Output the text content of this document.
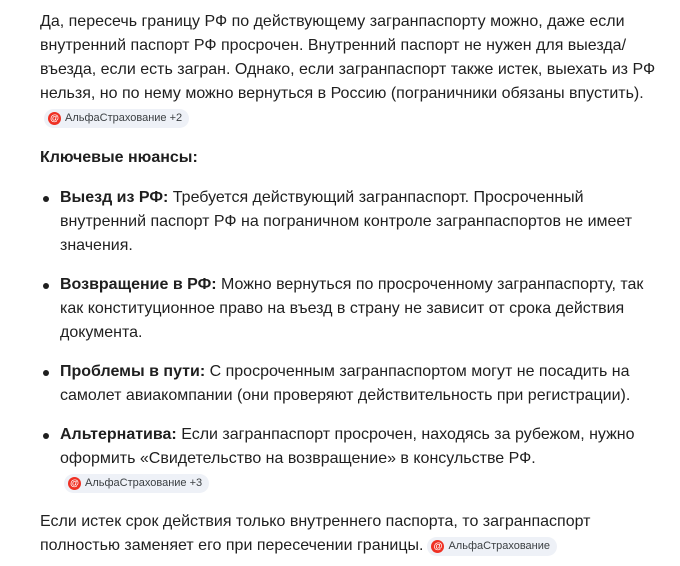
Да, пересечь границу РФ по действующему загранпаспорту можно, даже если внутренний паспорт РФ просрочен. Внутренний паспорт не нужен для выезда/въезда, если есть загран. Однако, если загранпаспорт также истек, выехать из РФ нельзя, но по нему можно вернуться в Россию (пограничники обязаны впустить).
@ АльфаСтрахование +2

Ключевые нюансы:

Выезд из РФ: Требуется действующий загранпаспорт. Просроченный внутренний паспорт РФ на пограничном контроле загранпаспортов не имеет значения.
Возвращение в РФ: Можно вернуться по просроченному загранпаспорту, так как конституционное право на въезд в страну не зависит от срока действия документа.
Проблемы в пути: С просроченным загранпаспортом могут не посадить на самолет авиакомпании (они проверяют действительность при регистрации).
Альтернатива: Если загранпаспорт просрочен, находясь за рубежом, нужно оформить «Свидетельство на возвращение» в консульстве РФ.
@ АльфаСтрахование +3

Если истек срок действия только внутреннего паспорта, то загранпаспорт полностью заменяет его при пересечении границы. @ АльфаСтрахование
